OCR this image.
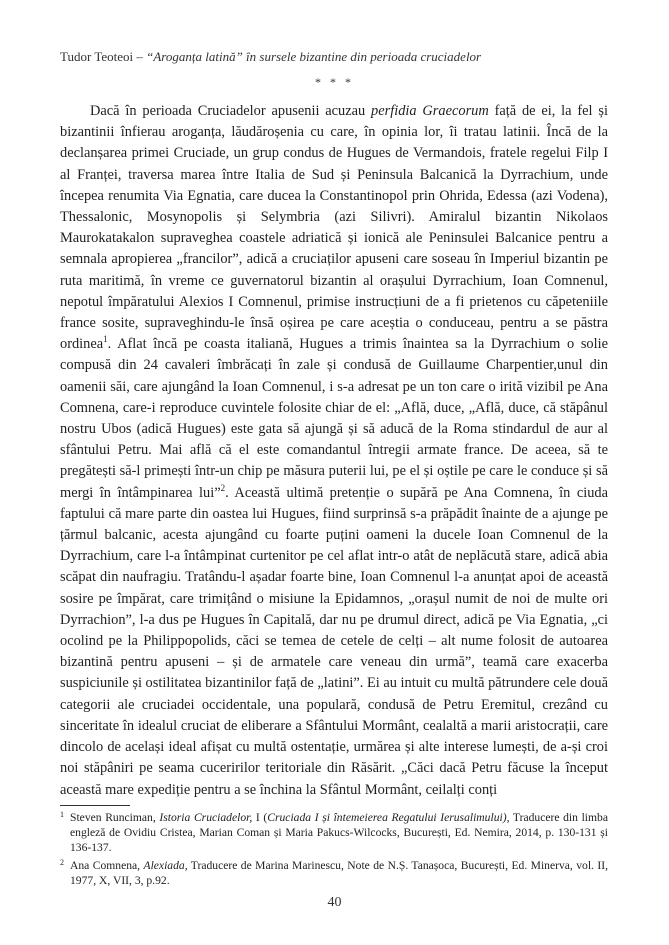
Tudor Teoteoi – “Aroganța latină” în sursele bizantine din perioada cruciadelor
* * *

Dacă în perioada Cruciadelor apusenii acuzau perfidia Graecorum față de ei, la fel și bizantinii înfierau aroganța, lăudăroșenia cu care, în opinia lor, îi tratau latinii. Încă de la declanșarea primei Cruciade, un grup condus de Hugues de Vermandois, fratele regelui Filp I al Franței, traversa marea între Italia de Sud și Peninsula Balcanică la Dyrrachium, unde începea renumita Via Egnatia, care ducea la Constantinopol prin Ohrida, Edessa (azi Vodena), Thessalonic, Mosynopolis și Selymbria (azi Silivri). Amiralul bizantin Nikolaos Maurokatakalon supraveghea coastele adriatică și ionică ale Peninsulei Balcanice pentru a semnala apropierea „francilor”, adică a cruciaților apuseni care soseau în Imperiul bizantin pe ruta maritimă, în vreme ce guvernatorul bizantin al orașului Dyrrachium, Ioan Comnenul, nepotul împăratului Alexios I Comnenul, primise instrucțiuni de a fi prietenos cu căpeteniile france sosite, supraveghindu-le însă oșirea pe care aceștia o conduceau, pentru a se păstra ordinea$^1$. Aflat încă pe coasta italiană, Hugues a trimis înaintea sa la Dyrrachium o solie compusă din 24 cavaleri îmbrăcați în zale și condusă de Guillaume Charpentier,unul din oamenii săi, care ajungând la Ioan Comnenul, i s-a adresat pe un ton care o irită vizibil pe Ana Comnena, care-i reproduce cuvintele folosite chiar de el: „Află, duce, „Află, duce, că stăpânul nostru Ubos (adică Hugues) este gata să ajungă și să aducă de la Roma stindardul de aur al sfântului Petru. Mai află că el este comandantul întregii armate france. De aceea, să te pregătești să-l primești într-un chip pe măsura puterii lui, pe el și oștile pe care le conduce și să mergi în întâmpinarea lui”$^2$. Această ultimă pretenție o supără pe Ana Comnena, în ciuda faptului că mare parte din oastea lui Hugues, fiind surprinsă s-a prăpădit înainte de a ajunge pe țărmul balcanic, acesta ajungând cu foarte puțini oameni la ducele Ioan Comnenul de la Dyrrachium, care l-a întâmpinat curtenitor pe cel aflat intr-o atât de neplăcută stare, adică abia scăpat din naufragiu. Tratându-l așadar foarte bine, Ioan Comnenul l-a anunțat apoi de această sosire pe împărat, care trimițând o misiune la Epidamnos, „orașul numit de noi de multe ori Dyrrachion”, l-a dus pe Hugues în Capitală, dar nu pe drumul direct, adică pe Via Egnatia, „ci ocolind pe la Philippopolids, căci se temea de cetele de celți – alt nume folosit de autoarea bizantină pentru apuseni – și de armatele care veneau din urmă”, teamă care exacerba suspiciunile și ostilitatea bizantinilor față de „latini”. Ei au intuit cu multă pătrundere cele două categorii ale cruciadei occidentale, una populară, condusă de Petru Eremitul, crezând cu sinceritate în idealul cruciat de eliberare a Sfântului Mormânt, cealaltă a marii aristocrații, care dincolo de același ideal afișat cu multă ostentație, urmărea și alte interese lumești, de a-și croi noi stăpâniri pe seama cuceririlor teritoriale din Răsărit. „Căci dacă Petru făcuse la început această mare expediție pentru a se închina la Sfântul Mormânt, ceilalți conți

1 Steven Runciman, Istoria Cruciadelor, I (Cruciada I și întemeierea Regatului Ierusalimului), Traducere din limba engleză de Ovidiu Cristea, Marian Coman și Maria Pakucs-Wilcocks, București, Ed. Nemira, 2014, p. 130-131 și 136-137.

2 Ana Comnena, Alexiada, Traducere de Marina Marinescu, Note de N.Ș. Tanașoca, București, Ed. Minerva, vol. II, 1977, X, VII, 3, p.92.

40
